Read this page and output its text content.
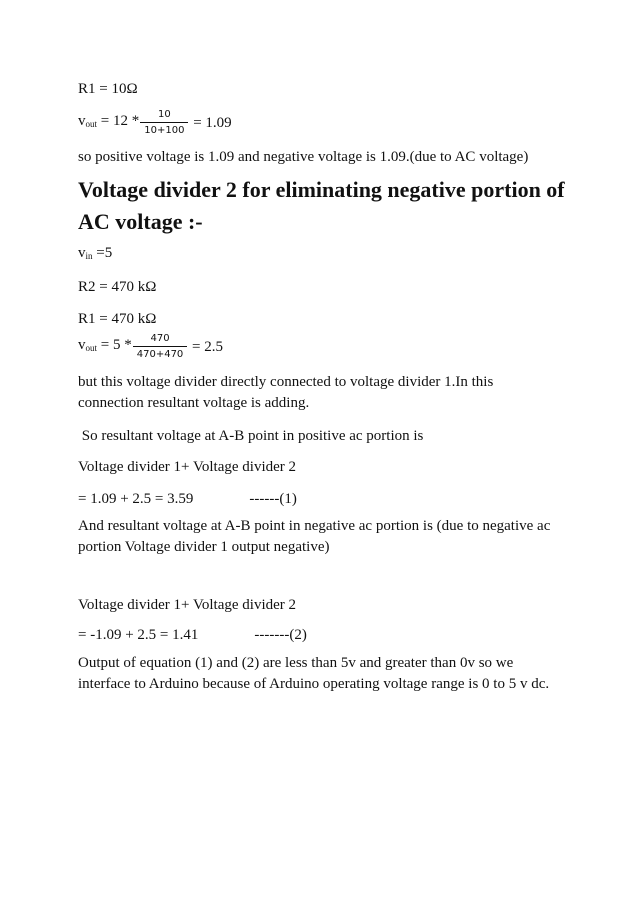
R1 = 10Ω
$v_{out} = 12 * \frac{10}{10+100} = 1.09$
so positive voltage is 1.09 and negative voltage is 1.09.(due to AC voltage)
Voltage divider 2 for eliminating negative portion of AC voltage :-
$v_{in} =5$
R2 = 470 kΩ
R1 = 470 kΩ
$v_{out} = 5 * \frac{470}{470+470} = 2.5$
but this voltage divider directly connected to voltage divider 1.In this connection resultant voltage is adding.
So resultant voltage at A-B point in positive ac portion is
Voltage divider 1+ Voltage divider 2
= 1.09 + 2.5 = 3.59	------(1)
And resultant voltage at A-B point in negative ac portion is (due to negative ac portion Voltage divider 1 output negative)
Voltage divider 1+ Voltage divider 2
= -1.09 + 2.5 = 1.41	-------(2)
Output of equation (1) and (2) are less than 5v and greater than 0v so we interface to Arduino because of Arduino operating voltage range is 0 to 5 v dc.
